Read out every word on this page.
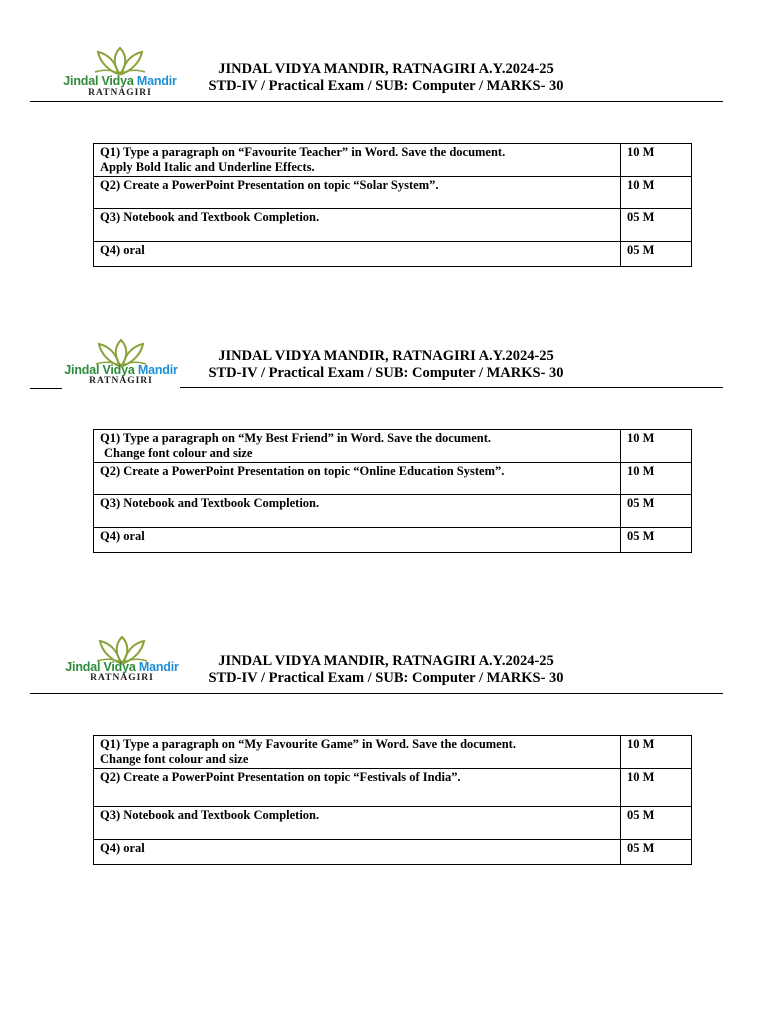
Jindal Vidya Mandir
RATNAGIRI
JINDAL VIDYA MANDIR, RATNAGIRI A.Y.2024-25
STD-IV / Practical Exam / SUB: Computer / MARKS- 30
Q1) Type a paragraph on “Favourite Teacher” in Word. Save the document.
Apply Bold Italic and Underline Effects.	10 M
Q2) Create a PowerPoint Presentation on topic “Solar System”.	10 M
Q3) Notebook and Textbook Completion.	05 M
Q4) oral	05 M
Jindal Vidya Mandir
RATNAGIRI
JINDAL VIDYA MANDIR, RATNAGIRI A.Y.2024-25
STD-IV / Practical Exam / SUB: Computer / MARKS- 30
Q1) Type a paragraph on “My Best Friend” in Word. Save the document.
Change font colour and size	10 M
Q2) Create a PowerPoint Presentation on topic “Online Education System”.	10 M
Q3) Notebook and Textbook Completion.	05 M
Q4) oral	05 M
Jindal Vidya Mandir
RATNAGIRI
JINDAL VIDYA MANDIR, RATNAGIRI A.Y.2024-25
STD-IV / Practical Exam / SUB: Computer / MARKS- 30
Q1) Type a paragraph on “My Favourite Game” in Word. Save the document.
Change font colour and size	10 M
Q2) Create a PowerPoint Presentation on topic “Festivals of India”.	10 M
Q3) Notebook and Textbook Completion.	05 M
Q4) oral	05 M
